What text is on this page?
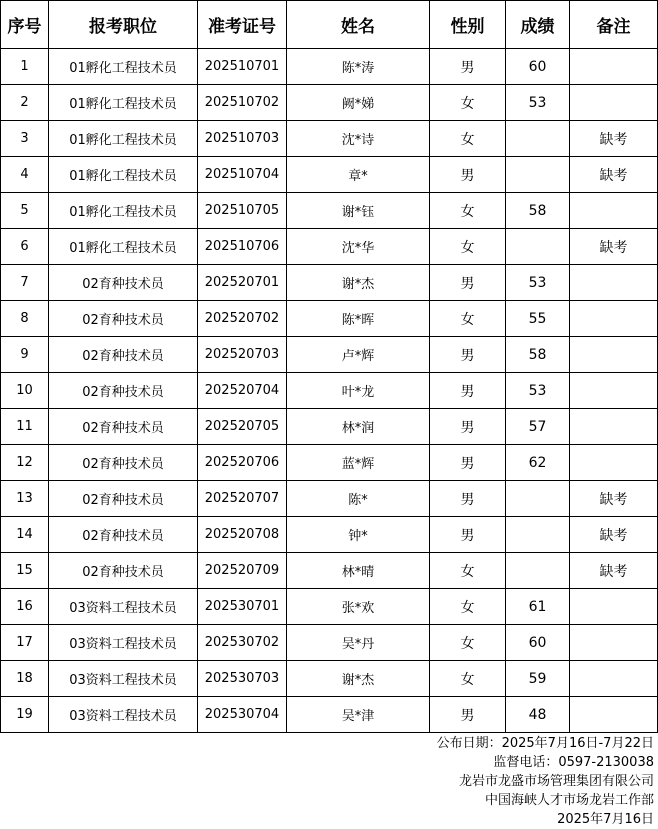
序号	报考职位	准考证号	姓名	性别	成绩	备注
1	01孵化工程技术员	202510701	陈*涛	男	60	
2	01孵化工程技术员	202510702	阙*娣	女	53	
3	01孵化工程技术员	202510703	沈*诗	女		缺考
4	01孵化工程技术员	202510704	章*	男		缺考
5	01孵化工程技术员	202510705	谢*钰	女	58	
6	01孵化工程技术员	202510706	沈*华	女		缺考
7	02育种技术员	202520701	谢*杰	男	53	
8	02育种技术员	202520702	陈*晖	女	55	
9	02育种技术员	202520703	卢*辉	男	58	
10	02育种技术员	202520704	叶*龙	男	53	
11	02育种技术员	202520705	林*润	男	57	
12	02育种技术员	202520706	蓝*辉	男	62	
13	02育种技术员	202520707	陈*	男		缺考
14	02育种技术员	202520708	钟*	男		缺考
15	02育种技术员	202520709	林*晴	女		缺考
16	03资料工程技术员	202530701	张*欢	女	61	
17	03资料工程技术员	202530702	吴*丹	女	60	
18	03资料工程技术员	202530703	谢*杰	女	59	
19	03资料工程技术员	202530704	吴*津	男	48	
公布日期：2025年7月16日-7月22日
监督电话：0597-2130038
龙岩市龙盛市场管理集团有限公司
中国海峡人才市场龙岩工作部
2025年7月16日
